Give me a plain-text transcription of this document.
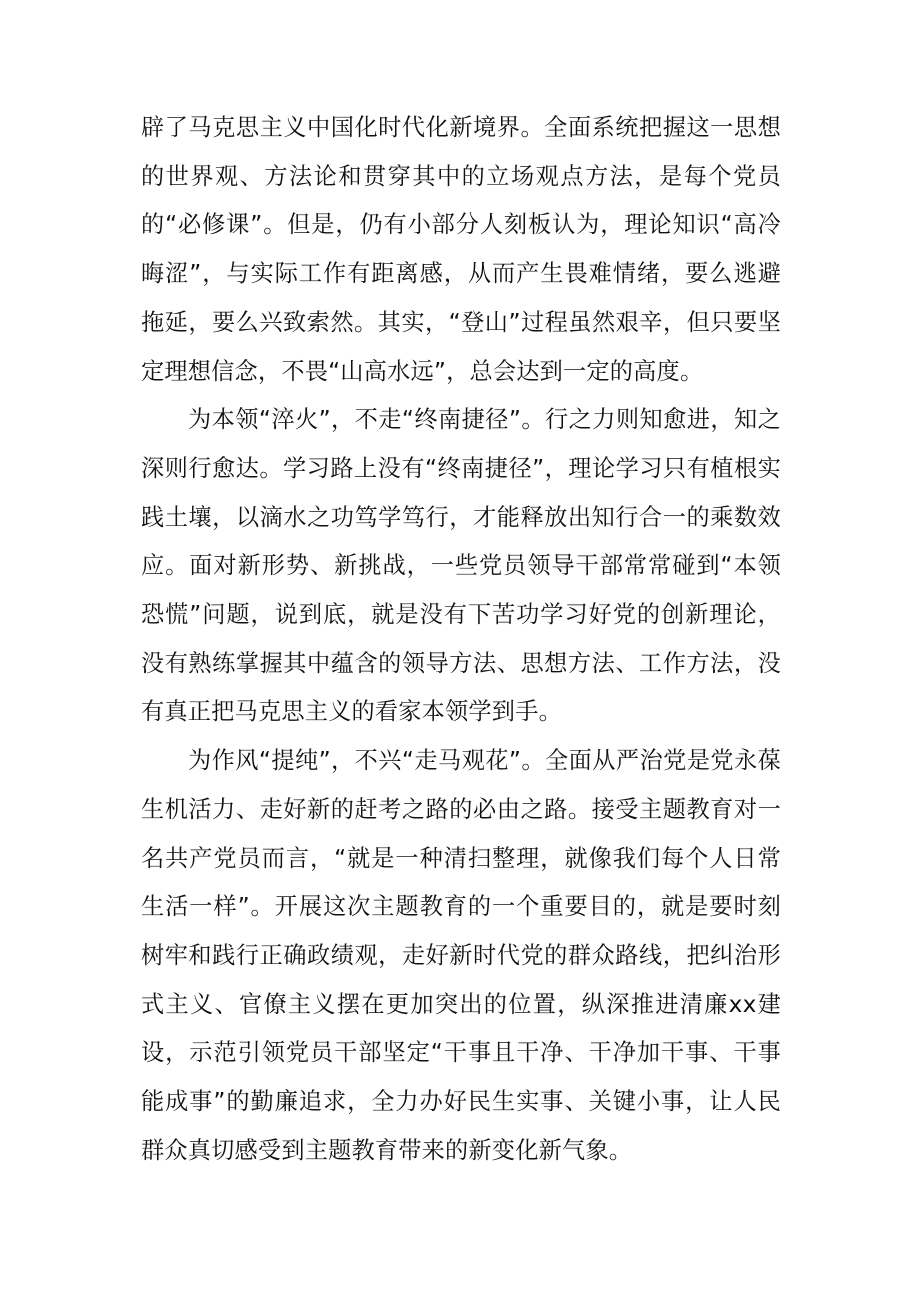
辟了马克思主义中国化时代化新境界。全面系统把握这一思想的世界观、方法论和贯穿其中的立场观点方法，是每个党员的“必修课”。但是，仍有小部分人刻板认为，理论知识“高冷晦涩”，与实际工作有距离感，从而产生畏难情绪，要么逃避拖延，要么兴致索然。其实，“登山”过程虽然艰辛，但只要坚定理想信念，不畏“山高水远”，总会达到一定的高度。

为本领“淬火”，不走“终南捷径”。行之力则知愈进，知之深则行愈达。学习路上没有“终南捷径”，理论学习只有植根实践土壤，以滴水之功笃学笃行，才能释放出知行合一的乘数效应。面对新形势、新挑战，一些党员领导干部常常碰到“本领恐慌”问题，说到底，就是没有下苦功学习好党的创新理论，没有熟练掌握其中蕴含的领导方法、思想方法、工作方法，没有真正把马克思主义的看家本领学到手。

为作风“提纯”，不兴“走马观花”。全面从严治党是党永葆生机活力、走好新的赶考之路的必由之路。接受主题教育对一名共产党员而言，“就是一种清扫整理，就像我们每个人日常生活一样”。开展这次主题教育的一个重要目的，就是要时刻树牢和践行正确政绩观，走好新时代党的群众路线，把纠治形式主义、官僚主义摆在更加突出的位置，纵深推进清廉xx建设，示范引领党员干部坚定“干事且干净、干净加干事、干事能成事”的勤廉追求，全力办好民生实事、关键小事，让人民群众真切感受到主题教育带来的新变化新气象。
